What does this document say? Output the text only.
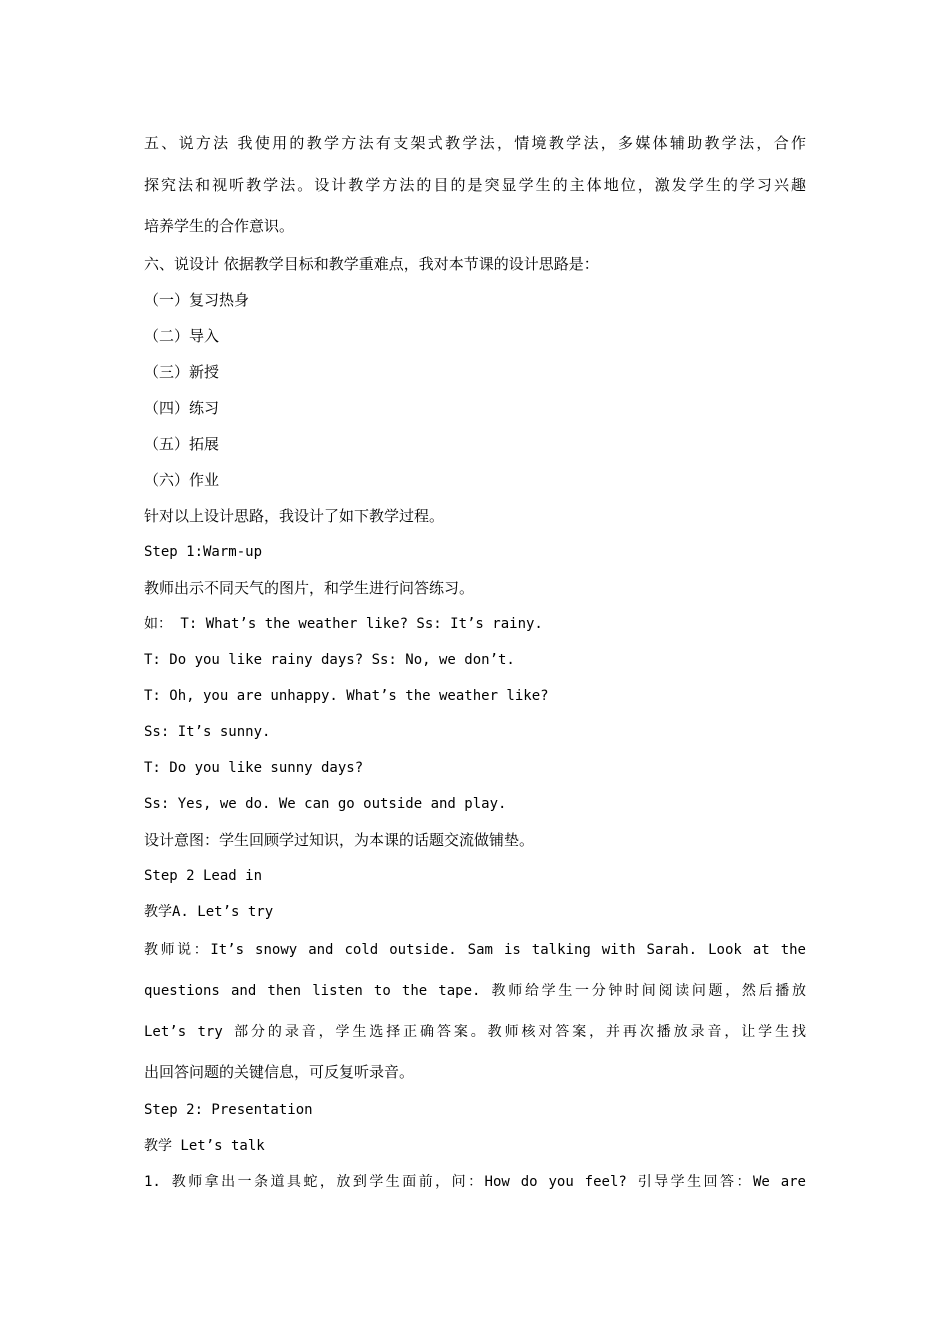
五、说方法 我使用的教学方法有支架式教学法，情境教学法，多媒体辅助教学法，合作

探究法和视听教学法。设计教学方法的目的是突显学生的主体地位，激发学生的学习兴趣

培养学生的合作意识。

六、说设计 依据教学目标和教学重难点，我对本节课的设计思路是：

（一）复习热身

（二）导入

（三）新授

（四）练习

（五）拓展

（六）作业

针对以上设计思路，我设计了如下教学过程。

Step 1:Warm-up

教师出示不同天气的图片，和学生进行问答练习。

如： T: What’s the weather like? Ss: It’s rainy.

T: Do you like rainy days? Ss: No, we don’t.

T: Oh, you are unhappy. What’s the weather like?

Ss: It’s sunny.

T: Do you like sunny days?

Ss: Yes, we do. We can go outside and play.

设计意图：学生回顾学过知识，为本课的话题交流做铺垫。

Step 2 Lead in

教学A. Let’s try

教师说：It’s snowy and cold outside. Sam is talking with Sarah. Look at the

questions and then listen to the tape. 教师给学生一分钟时间阅读问题，然后播放

Let’s try 部分的录音，学生选择正确答案。教师核对答案，并再次播放录音，让学生找

出回答问题的关键信息，可反复听录音。

Step 2: Presentation

教学 Let’s talk

1. 教师拿出一条道具蛇，放到学生面前，问：How do you feel? 引导学生回答：We are
